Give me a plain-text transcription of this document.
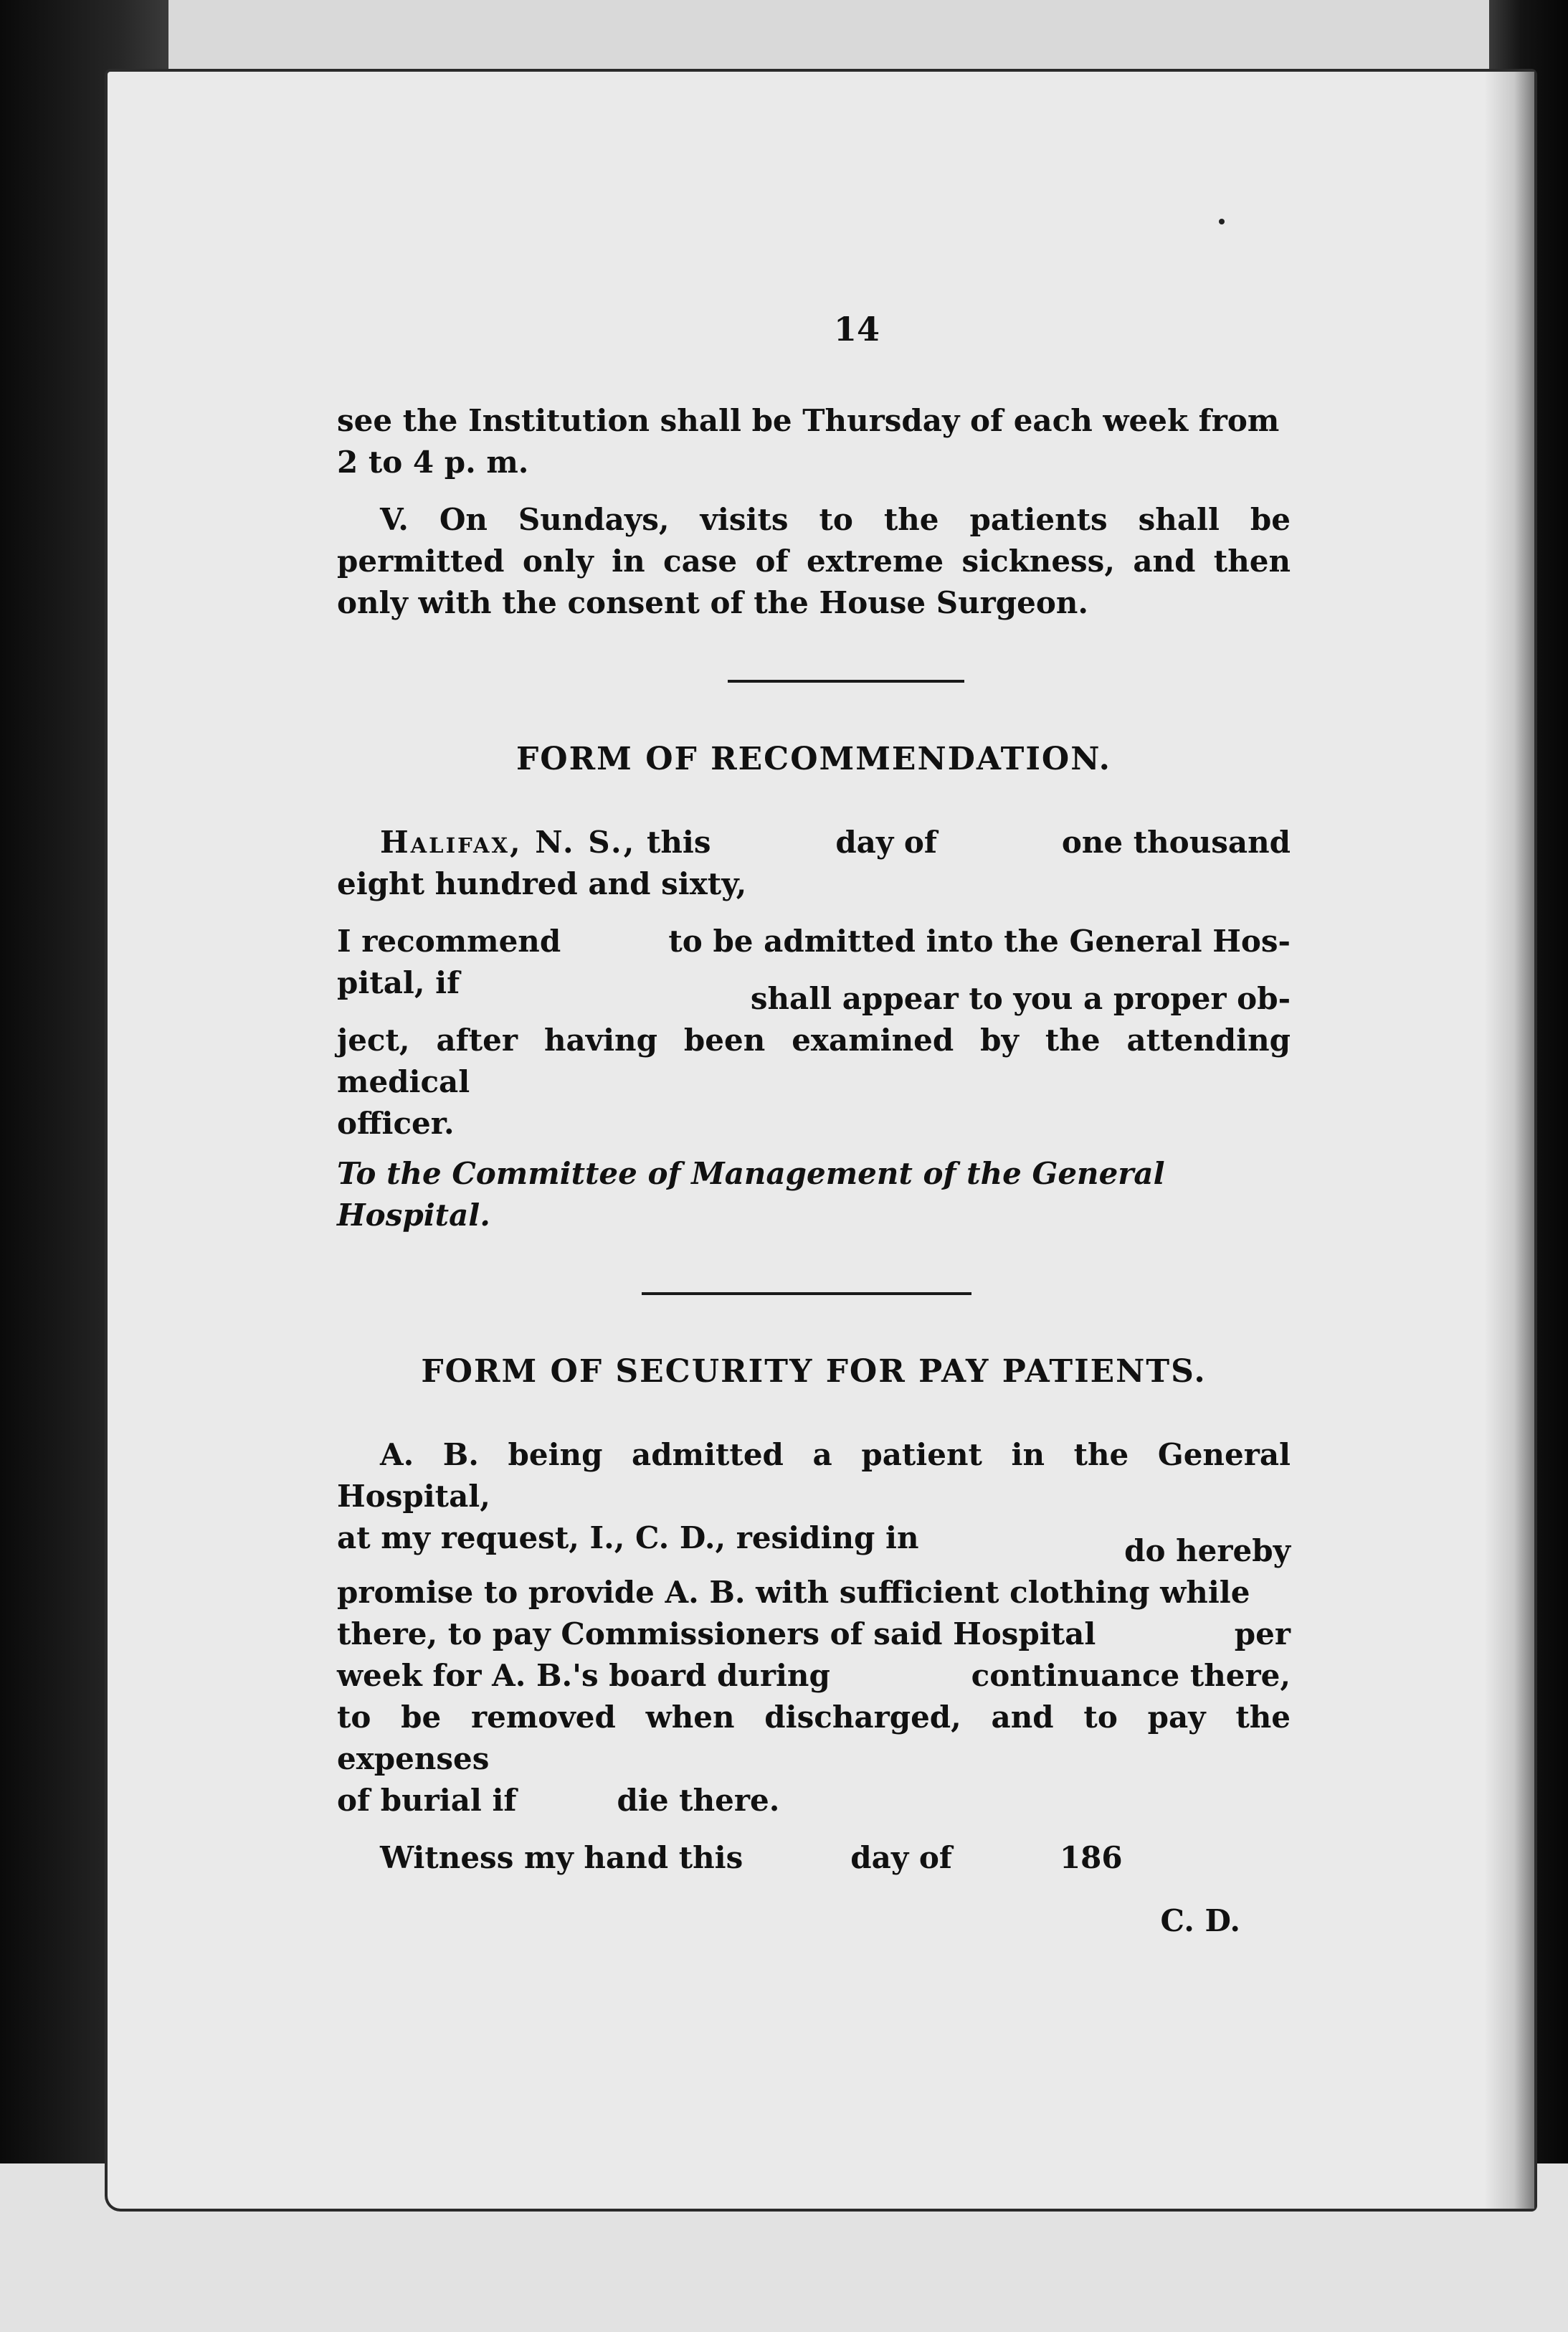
14

see the Institution shall be Thursday of each week from

2 to 4 p. m.

V. On Sundays, visits to the patients shall be permitted only in case of extreme sickness, and then only with the consent of the House Surgeon.

FORM OF RECOMMENDATION.
Halifax, N. S., this	day of	one thousand

eight hundred and sixty,

I recommend	to be admitted into the General Hos-
pital, if	shall appear to you a proper ob-

ject, after having been examined by the attending medical

officer.

To the Committee of Management of the General Hospital.

FORM OF SECURITY FOR PAY PATIENTS.

A. B. being admitted a patient in the General Hospital,

at my request, I., C. D., residing in	do hereby

promise to provide A. B. with sufficient clothing while

there, to pay Commissioners of said Hospital	per
week for A. B.'s board during	continuance there,

to be removed when discharged, and to pay the expenses

of burial if	die there.
Witness my hand this	day of	186

C. D.
